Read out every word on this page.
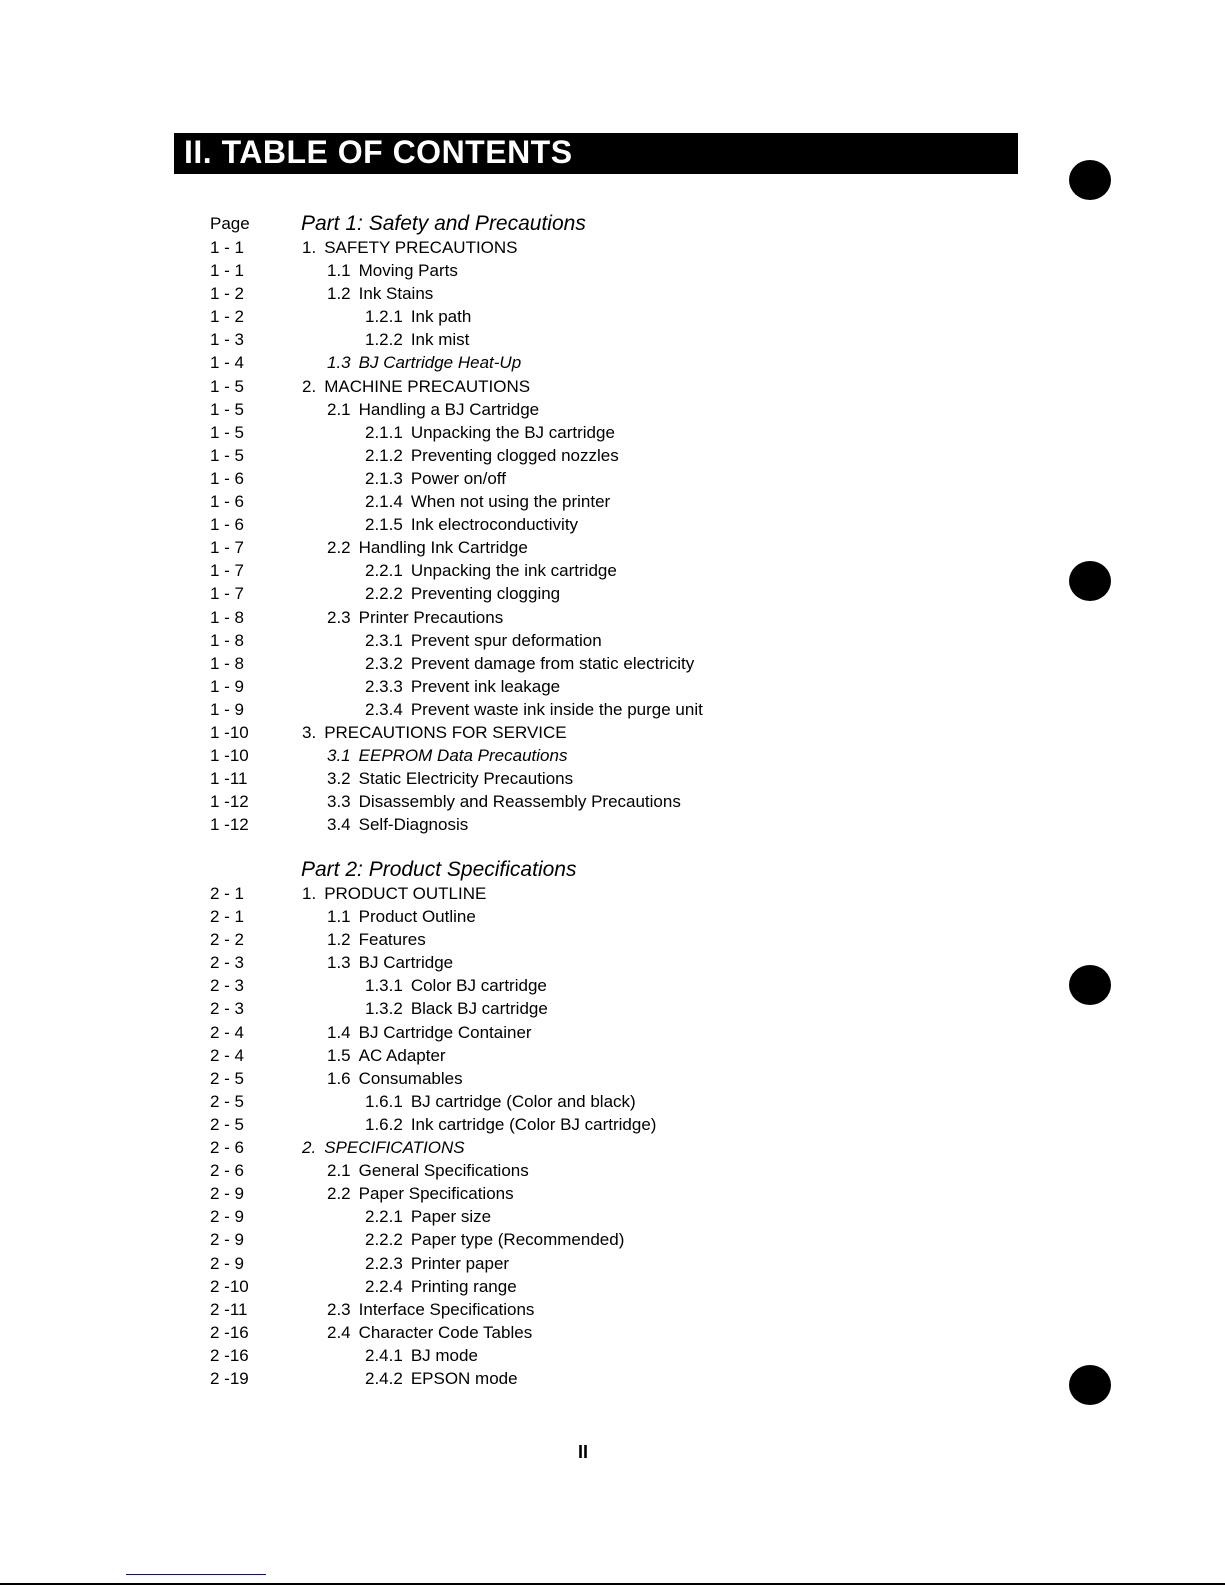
II. TABLE OF CONTENTS
Page Part 1: Safety and Precautions
1 - 1	1. SAFETY PRECAUTIONS
1 - 1	1.1 Moving Parts
1 - 2	1.2 Ink Stains
1 - 2	1.2.1 Ink path
1 - 3	1.2.2 Ink mist
1 - 4	1.3 BJ Cartridge Heat-Up
1 - 5	2. MACHINE PRECAUTIONS
1 - 5	2.1 Handling a BJ Cartridge
1 - 5	2.1.1 Unpacking the BJ cartridge
1 - 5	2.1.2 Preventing clogged nozzles
1 - 6	2.1.3 Power on/off
1 - 6	2.1.4 When not using the printer
1 - 6	2.1.5 Ink electroconductivity
1 - 7	2.2 Handling Ink Cartridge
1 - 7	2.2.1 Unpacking the ink cartridge
1 - 7	2.2.2 Preventing clogging
1 - 8	2.3 Printer Precautions
1 - 8	2.3.1 Prevent spur deformation
1 - 8	2.3.2 Prevent damage from static electricity
1 - 9	2.3.3 Prevent ink leakage
1 - 9	2.3.4 Prevent waste ink inside the purge unit
1 -10	3. PRECAUTIONS FOR SERVICE
1 -10	3.1 EEPROM Data Precautions
1 -11	3.2 Static Electricity Precautions
1 -12	3.3 Disassembly and Reassembly Precautions
1 -12	3.4 Self-Diagnosis
Part 2: Product Specifications
2 - 1	1. PRODUCT OUTLINE
2 - 1	1.1 Product Outline
2 - 2	1.2 Features
2 - 3	1.3 BJ Cartridge
2 - 3	1.3.1 Color BJ cartridge
2 - 3	1.3.2 Black BJ cartridge
2 - 4	1.4 BJ Cartridge Container
2 - 4	1.5 AC Adapter
2 - 5	1.6 Consumables
2 - 5	1.6.1 BJ cartridge (Color and black)
2 - 5	1.6.2 Ink cartridge (Color BJ cartridge)
2 - 6	2. SPECIFICATIONS
2 - 6	2.1 General Specifications
2 - 9	2.2 Paper Specifications
2 - 9	2.2.1 Paper size
2 - 9	2.2.2 Paper type (Recommended)
2 - 9	2.2.3 Printer paper
2 -10	2.2.4 Printing range
2 -11	2.3 Interface Specifications
2 -16	2.4 Character Code Tables
2 -16	2.4.1 BJ mode
2 -19	2.4.2 EPSON mode
II
